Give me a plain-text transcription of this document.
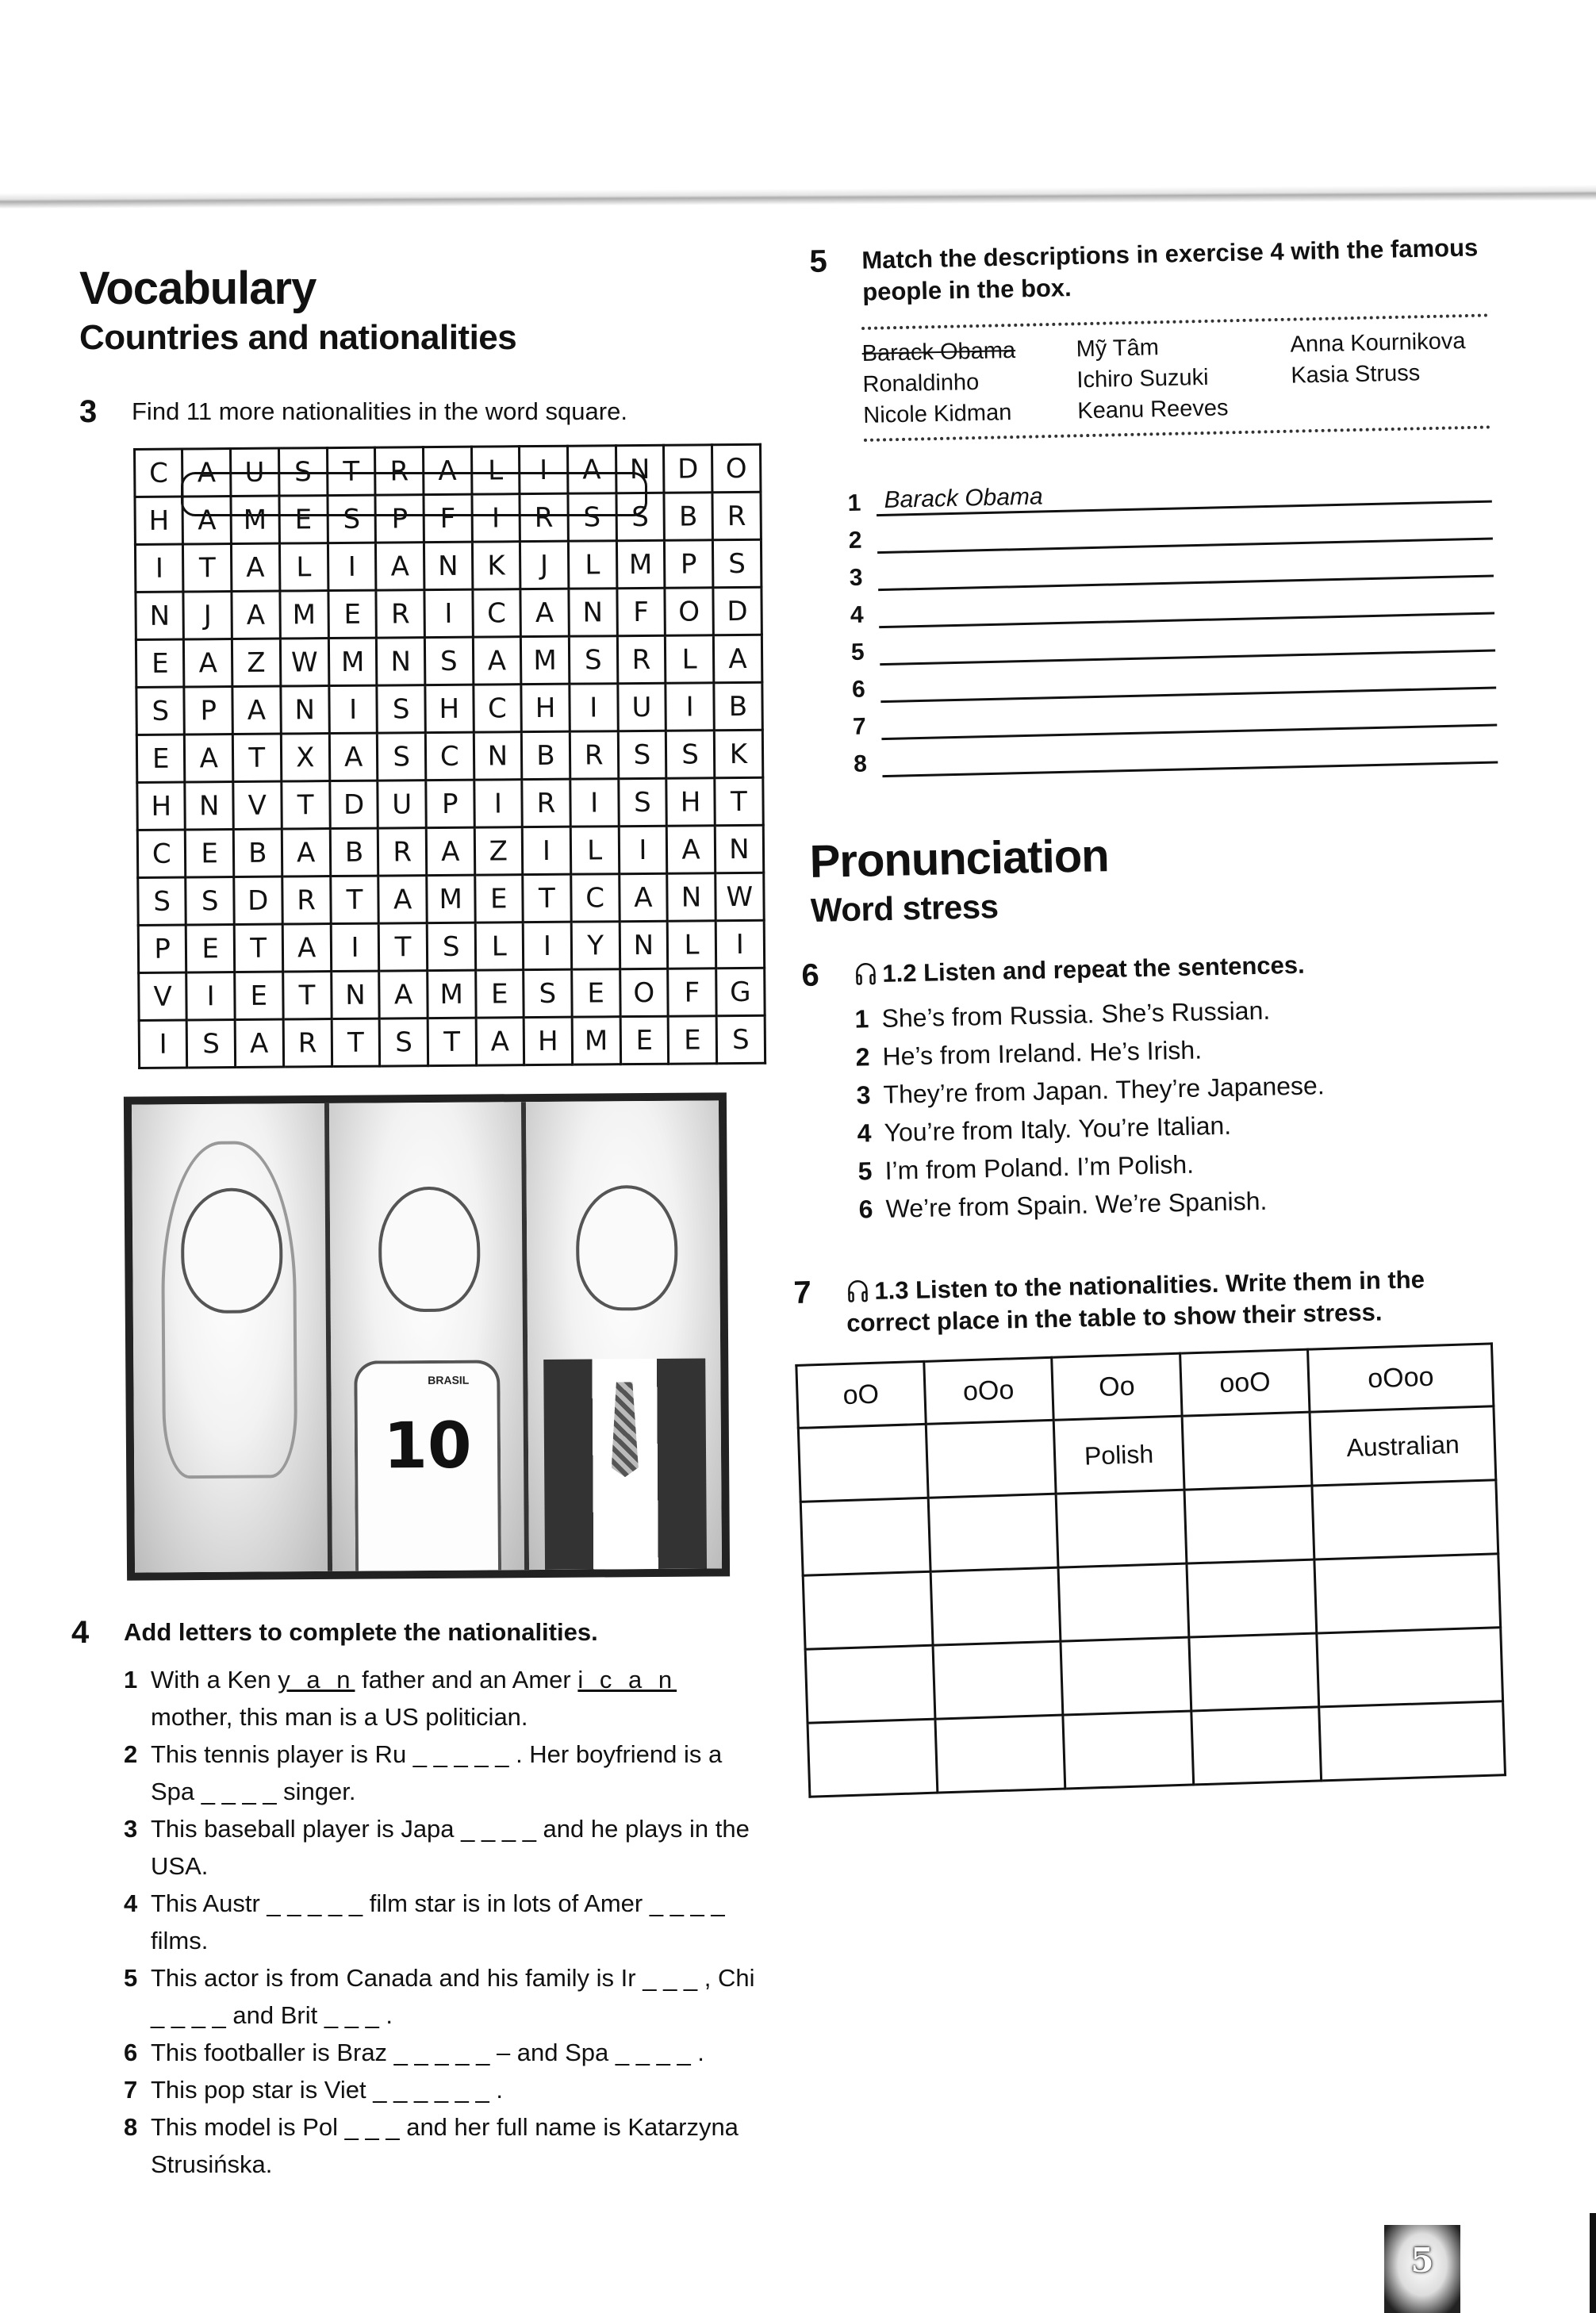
Vocabulary
Countries and nationalities
3	Find 11 more nationalities in the word square.
C	A	U	S	T	R	A	L	I	A	N	D	O
H	A	M	E	S	P	F	I	R	S	S	B	R
I	T	A	L	I	A	N	K	J	L	M	P	S
N	J	A	M	E	R	I	C	A	N	F	O	D
E	A	Z	W	M	N	S	A	M	S	R	L	A
S	P	A	N	I	S	H	C	H	I	U	I	B
E	A	T	X	A	S	C	N	B	R	S	S	K
H	N	V	T	D	U	P	I	R	I	S	H	T
C	E	B	A	B	R	A	Z	I	L	I	A	N
S	S	D	R	T	A	M	E	T	C	A	N	W
P	E	T	A	I	T	S	L	I	Y	N	L	I
V	I	E	T	N	A	M	E	S	E	O	F	G
I	S	A	R	T	S	T	A	H	M	E	E	S
BRASIL
10
4	Add letters to complete the nationalities.
1 With a Ken y a n father and an Amer i c a n mother, this man is a US politician.
2 This tennis player is Ru _ _ _ _ _ . Her boyfriend is a Spa _ _ _ _ singer.
3 This baseball player is Japa _ _ _ _ and he plays in the USA.
4 This Austr _ _ _ _ _ film star is in lots of Amer _ _ _ _ films.
5 This actor is from Canada and his family is Ir _ _ _ , Chi _ _ _ _ and Brit _ _ _ .
6 This footballer is Braz _ _ _ _ _ – and Spa _ _ _ _ .
7 This pop star is Viet _ _ _ _ _ _ .
8 This model is Pol _ _ _ and her full name is Katarzyna Strusińska.
5	Match the descriptions in exercise 4 with the famous people in the box.
Barack Obama	Mỹ Tâm	Anna Kournikova
Ronaldinho	Ichiro Suzuki	Kasia Struss
Nicole Kidman	Keanu Reeves
1 Barack Obama
2
3
4
5
6
7
8
Pronunciation
Word stress
6	1.2 Listen and repeat the sentences.
1 She’s from Russia. She’s Russian.
2 He’s from Ireland. He’s Irish.
3 They’re from Japan. They’re Japanese.
4 You’re from Italy. You’re Italian.
5 I’m from Poland. I’m Polish.
6 We’re from Spain. We’re Spanish.
7	1.3 Listen to the nationalities. Write them in the correct place in the table to show their stress.
oO	oOo	Oo	ooO	oOoo
		Polish		Australian

5
